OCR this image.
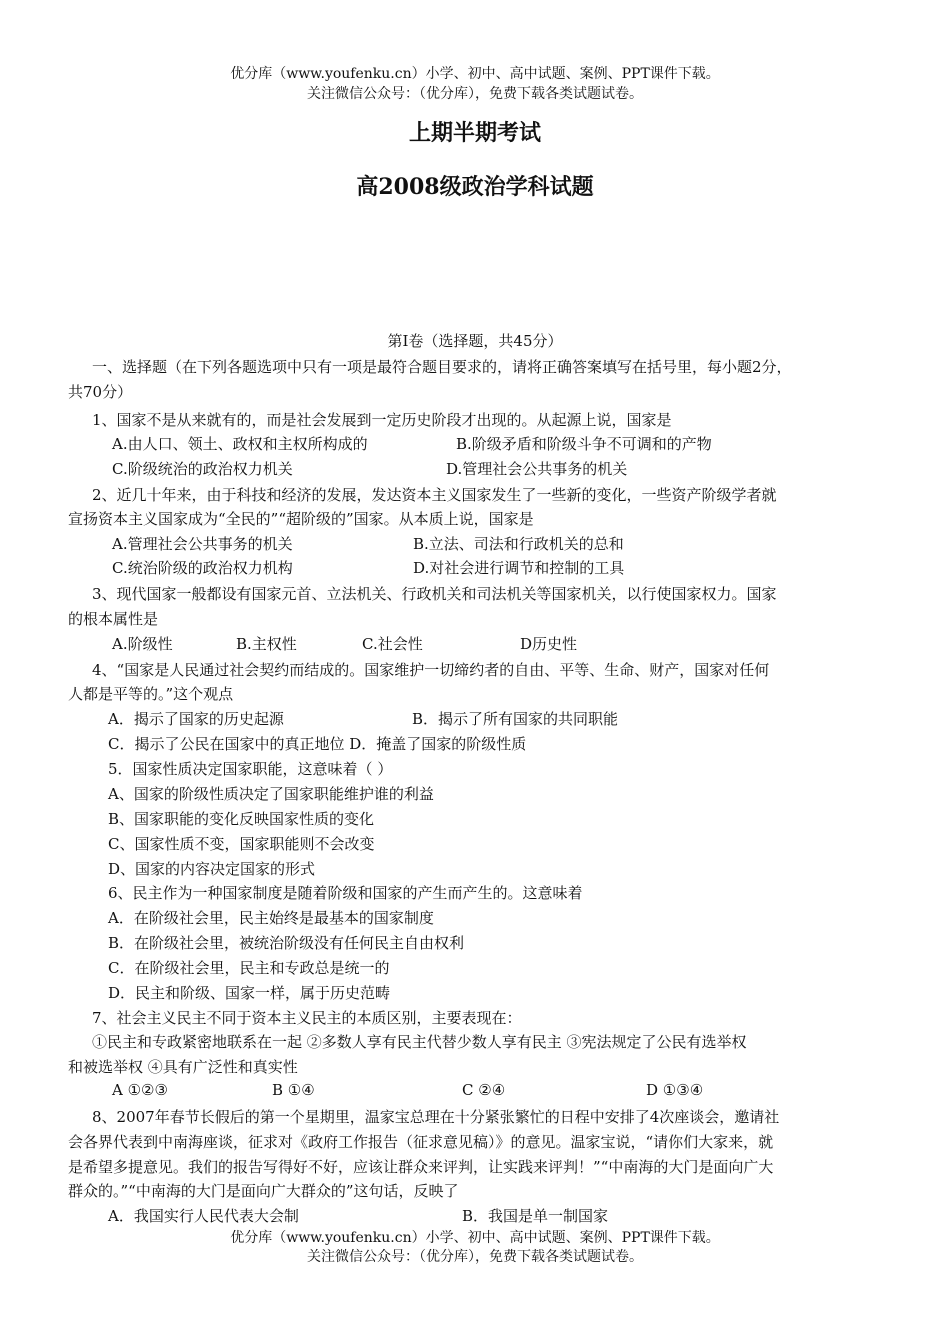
优分库（www.youfenku.cn）小学、初中、高中试题、案例、PPT课件下载。
关注微信公众号：（优分库），免费下载各类试题试卷。
上期半期考试
高2008级政治学科试题
第Ⅰ卷（选择题，共45分）
一、选择题（在下列各题选项中只有一项是最符合题目要求的，请将正确答案填写在括号里，每小题2分，
共70分）
1、国家不是从来就有的，而是社会发展到一定历史阶段才出现的。从起源上说，国家是
A.由人口、领土、政权和主权所构成的	B.阶级矛盾和阶级斗争不可调和的产物
C.阶级统治的政治权力机关	D.管理社会公共事务的机关
2、近几十年来，由于科技和经济的发展，发达资本主义国家发生了一些新的变化，一些资产阶级学者就
宣扬资本主义国家成为“全民的”“超阶级的”国家。从本质上说，国家是
A.管理社会公共事务的机关	B.立法、司法和行政机关的总和
C.统治阶级的政治权力机构	D.对社会进行调节和控制的工具
3、现代国家一般都设有国家元首、立法机关、行政机关和司法机关等国家机关，以行使国家权力。国家
的根本属性是
A.阶级性	B.主权性	C.社会性	D历史性
4、“国家是人民通过社会契约而结成的。国家维护一切缔约者的自由、平等、生命、财产，国家对任何
人都是平等的。”这个观点
A．揭示了国家的历史起源	B．揭示了所有国家的共同职能
C．揭示了公民在国家中的真正地位 D．掩盖了国家的阶级性质
5．国家性质决定国家职能，这意味着（ ）
A、国家的阶级性质决定了国家职能维护谁的利益
B、国家职能的变化反映国家性质的变化
C、国家性质不变，国家职能则不会改变
D、国家的内容决定国家的形式
6、民主作为一种国家制度是随着阶级和国家的产生而产生的。这意味着
A．在阶级社会里，民主始终是最基本的国家制度
B．在阶级社会里，被统治阶级没有任何民主自由权利
C．在阶级社会里，民主和专政总是统一的
D．民主和阶级、国家一样，属于历史范畴
7、社会主义民主不同于资本主义民主的本质区别，主要表现在：
①民主和专政紧密地联系在一起 ②多数人享有民主代替少数人享有民主 ③宪法规定了公民有选举权
和被选举权 ④具有广泛性和真实性
A ①②③	B ①④	C ②④	D ①③④
8、2007年春节长假后的第一个星期里，温家宝总理在十分紧张繁忙的日程中安排了4次座谈会，邀请社
会各界代表到中南海座谈，征求对《政府工作报告（征求意见稿）》的意见。温家宝说，“请你们大家来，就
是希望多提意见。我们的报告写得好不好，应该让群众来评判，让实践来评判！”“中南海的大门是面向广大
群众的。”“中南海的大门是面向广大群众的”这句话，反映了
A．我国实行人民代表大会制	B．我国是单一制国家
优分库（www.youfenku.cn）小学、初中、高中试题、案例、PPT课件下载。
关注微信公众号：（优分库），免费下载各类试题试卷。
